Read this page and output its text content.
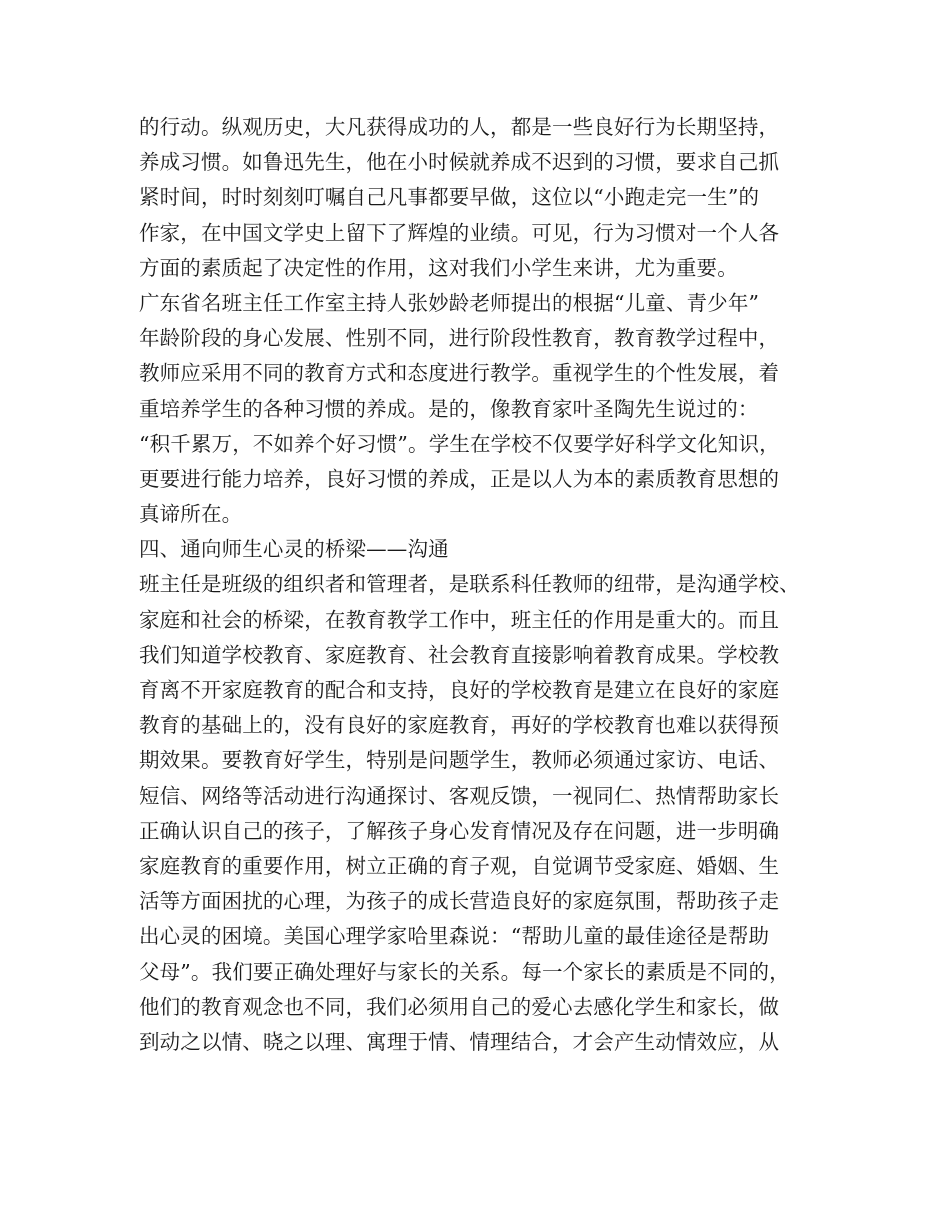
的行动。纵观历史，大凡获得成功的人，都是一些良好行为长期坚持，
养成习惯。如鲁迅先生，他在小时候就养成不迟到的习惯，要求自己抓
紧时间，时时刻刻叮嘱自己凡事都要早做，这位以“小跑走完一生”的
作家，在中国文学史上留下了辉煌的业绩。可见，行为习惯对一个人各
方面的素质起了决定性的作用，这对我们小学生来讲，尤为重要。
广东省名班主任工作室主持人张妙龄老师提出的根据“儿童、青少年”
年龄阶段的身心发展、性别不同，进行阶段性教育，教育教学过程中，
教师应采用不同的教育方式和态度进行教学。重视学生的个性发展，着
重培养学生的各种习惯的养成。是的，像教育家叶圣陶先生说过的：
“积千累万，不如养个好习惯”。学生在学校不仅要学好科学文化知识，
更要进行能力培养，良好习惯的养成，正是以人为本的素质教育思想的
真谛所在。
四、通向师生心灵的桥梁——沟通
班主任是班级的组织者和管理者，是联系科任教师的纽带，是沟通学校、
家庭和社会的桥梁，在教育教学工作中，班主任的作用是重大的。而且
我们知道学校教育、家庭教育、社会教育直接影响着教育成果。学校教
育离不开家庭教育的配合和支持，良好的学校教育是建立在良好的家庭
教育的基础上的，没有良好的家庭教育，再好的学校教育也难以获得预
期效果。要教育好学生，特别是问题学生，教师必须通过家访、电话、
短信、网络等活动进行沟通探讨、客观反馈，一视同仁、热情帮助家长
正确认识自己的孩子，了解孩子身心发育情况及存在问题，进一步明确
家庭教育的重要作用，树立正确的育子观，自觉调节受家庭、婚姻、生
活等方面困扰的心理，为孩子的成长营造良好的家庭氛围，帮助孩子走
出心灵的困境。美国心理学家哈里森说：“帮助儿童的最佳途径是帮助
父母”。我们要正确处理好与家长的关系。每一个家长的素质是不同的，
他们的教育观念也不同，我们必须用自己的爱心去感化学生和家长，做
到动之以情、晓之以理、寓理于情、情理结合，才会产生动情效应，从
